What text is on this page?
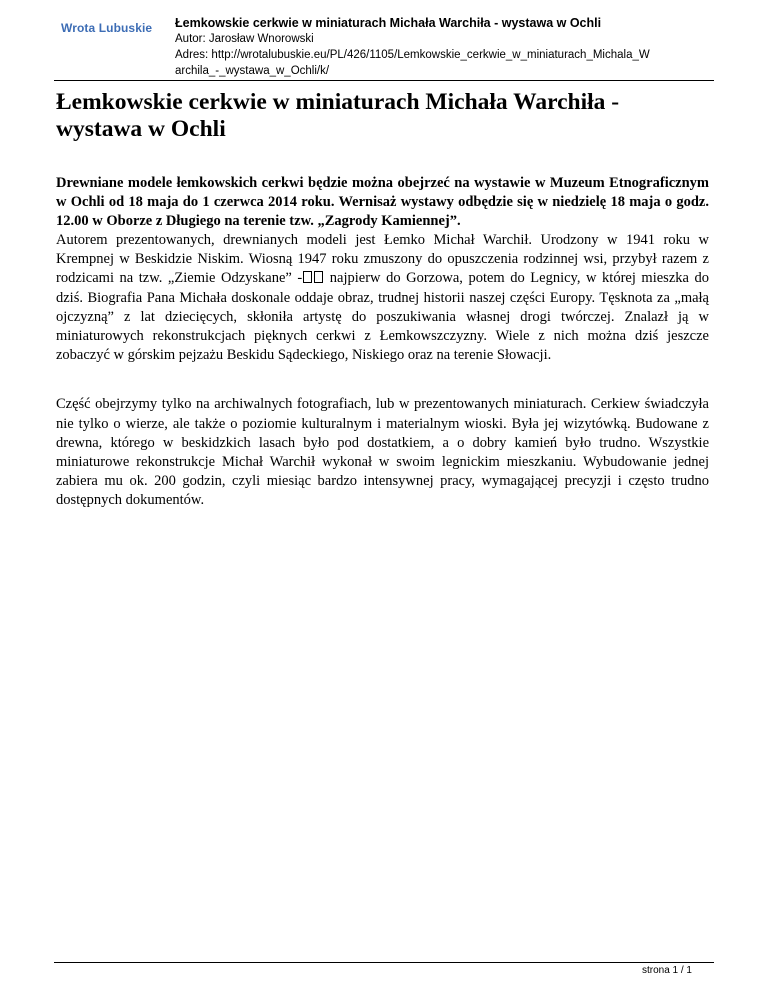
Wrota Lubuskie Łemkowskie cerkwie w miniaturach Michała Warchiła - wystawa w Ochli
Autor: Jarosław Wnorowski
Adres: http://wrotalubuskie.eu/PL/426/1105/Lemkowskie_cerkwie_w_miniaturach_Michala_W
archila_-_wystawa_w_Ochli/k/
Łemkowskie cerkwie w miniaturach Michała Warchiła - wystawa w Ochli

Drewniane modele łemkowskich cerkwi będzie można obejrzeć na wystawie w Muzeum Etnograficznym w Ochli od 18 maja do 1 czerwca 2014 roku. Wernisaż wystawy odbędzie się w niedzielę 18 maja o godz. 12.00 w Oborze z Długiego na terenie tzw. „Zagrody Kamiennej”.

Autorem prezentowanych, drewnianych modeli jest Łemko Michał Warchił. Urodzony w 1941 roku w Krempnej w Beskidzie Niskim. Wiosną 1947 roku zmuszony do opuszczenia rodzinnej wsi, przybył razem z rodzicami na tzw. „Ziemie Odzyskane” - najpierw do Gorzowa, potem do Legnicy, w której mieszka do dziś. Biografia Pana Michała doskonale oddaje obraz, trudnej historii naszej części Europy. Tęsknota za „małą ojczyzną” z lat dziecięcych, skłoniła artystę do poszukiwania własnej drogi twórczej. Znalazł ją w miniaturowych rekonstrukcjach pięknych cerkwi z Łemkowszczyzny. Wiele z nich można dziś jeszcze zobaczyć w górskim pejzażu Beskidu Sądeckiego, Niskiego oraz na terenie Słowacji.

Część obejrzymy tylko na archiwalnych fotografiach, lub w prezentowanych miniaturach. Cerkiew świadczyła nie tylko o wierze, ale także o poziomie kulturalnym i materialnym wioski. Była jej wizytówką. Budowane z drewna, którego w beskidzkich lasach było pod dostatkiem, a o dobry kamień było trudno. Wszystkie miniaturowe rekonstrukcje Michał Warchił wykonał w swoim legnickim mieszkaniu. Wybudowanie jednej zabiera mu ok. 200 godzin, czyli miesiąc bardzo intensywnej pracy, wymagającej precyzji i często trudno dostępnych dokumentów.

strona 1 / 1
